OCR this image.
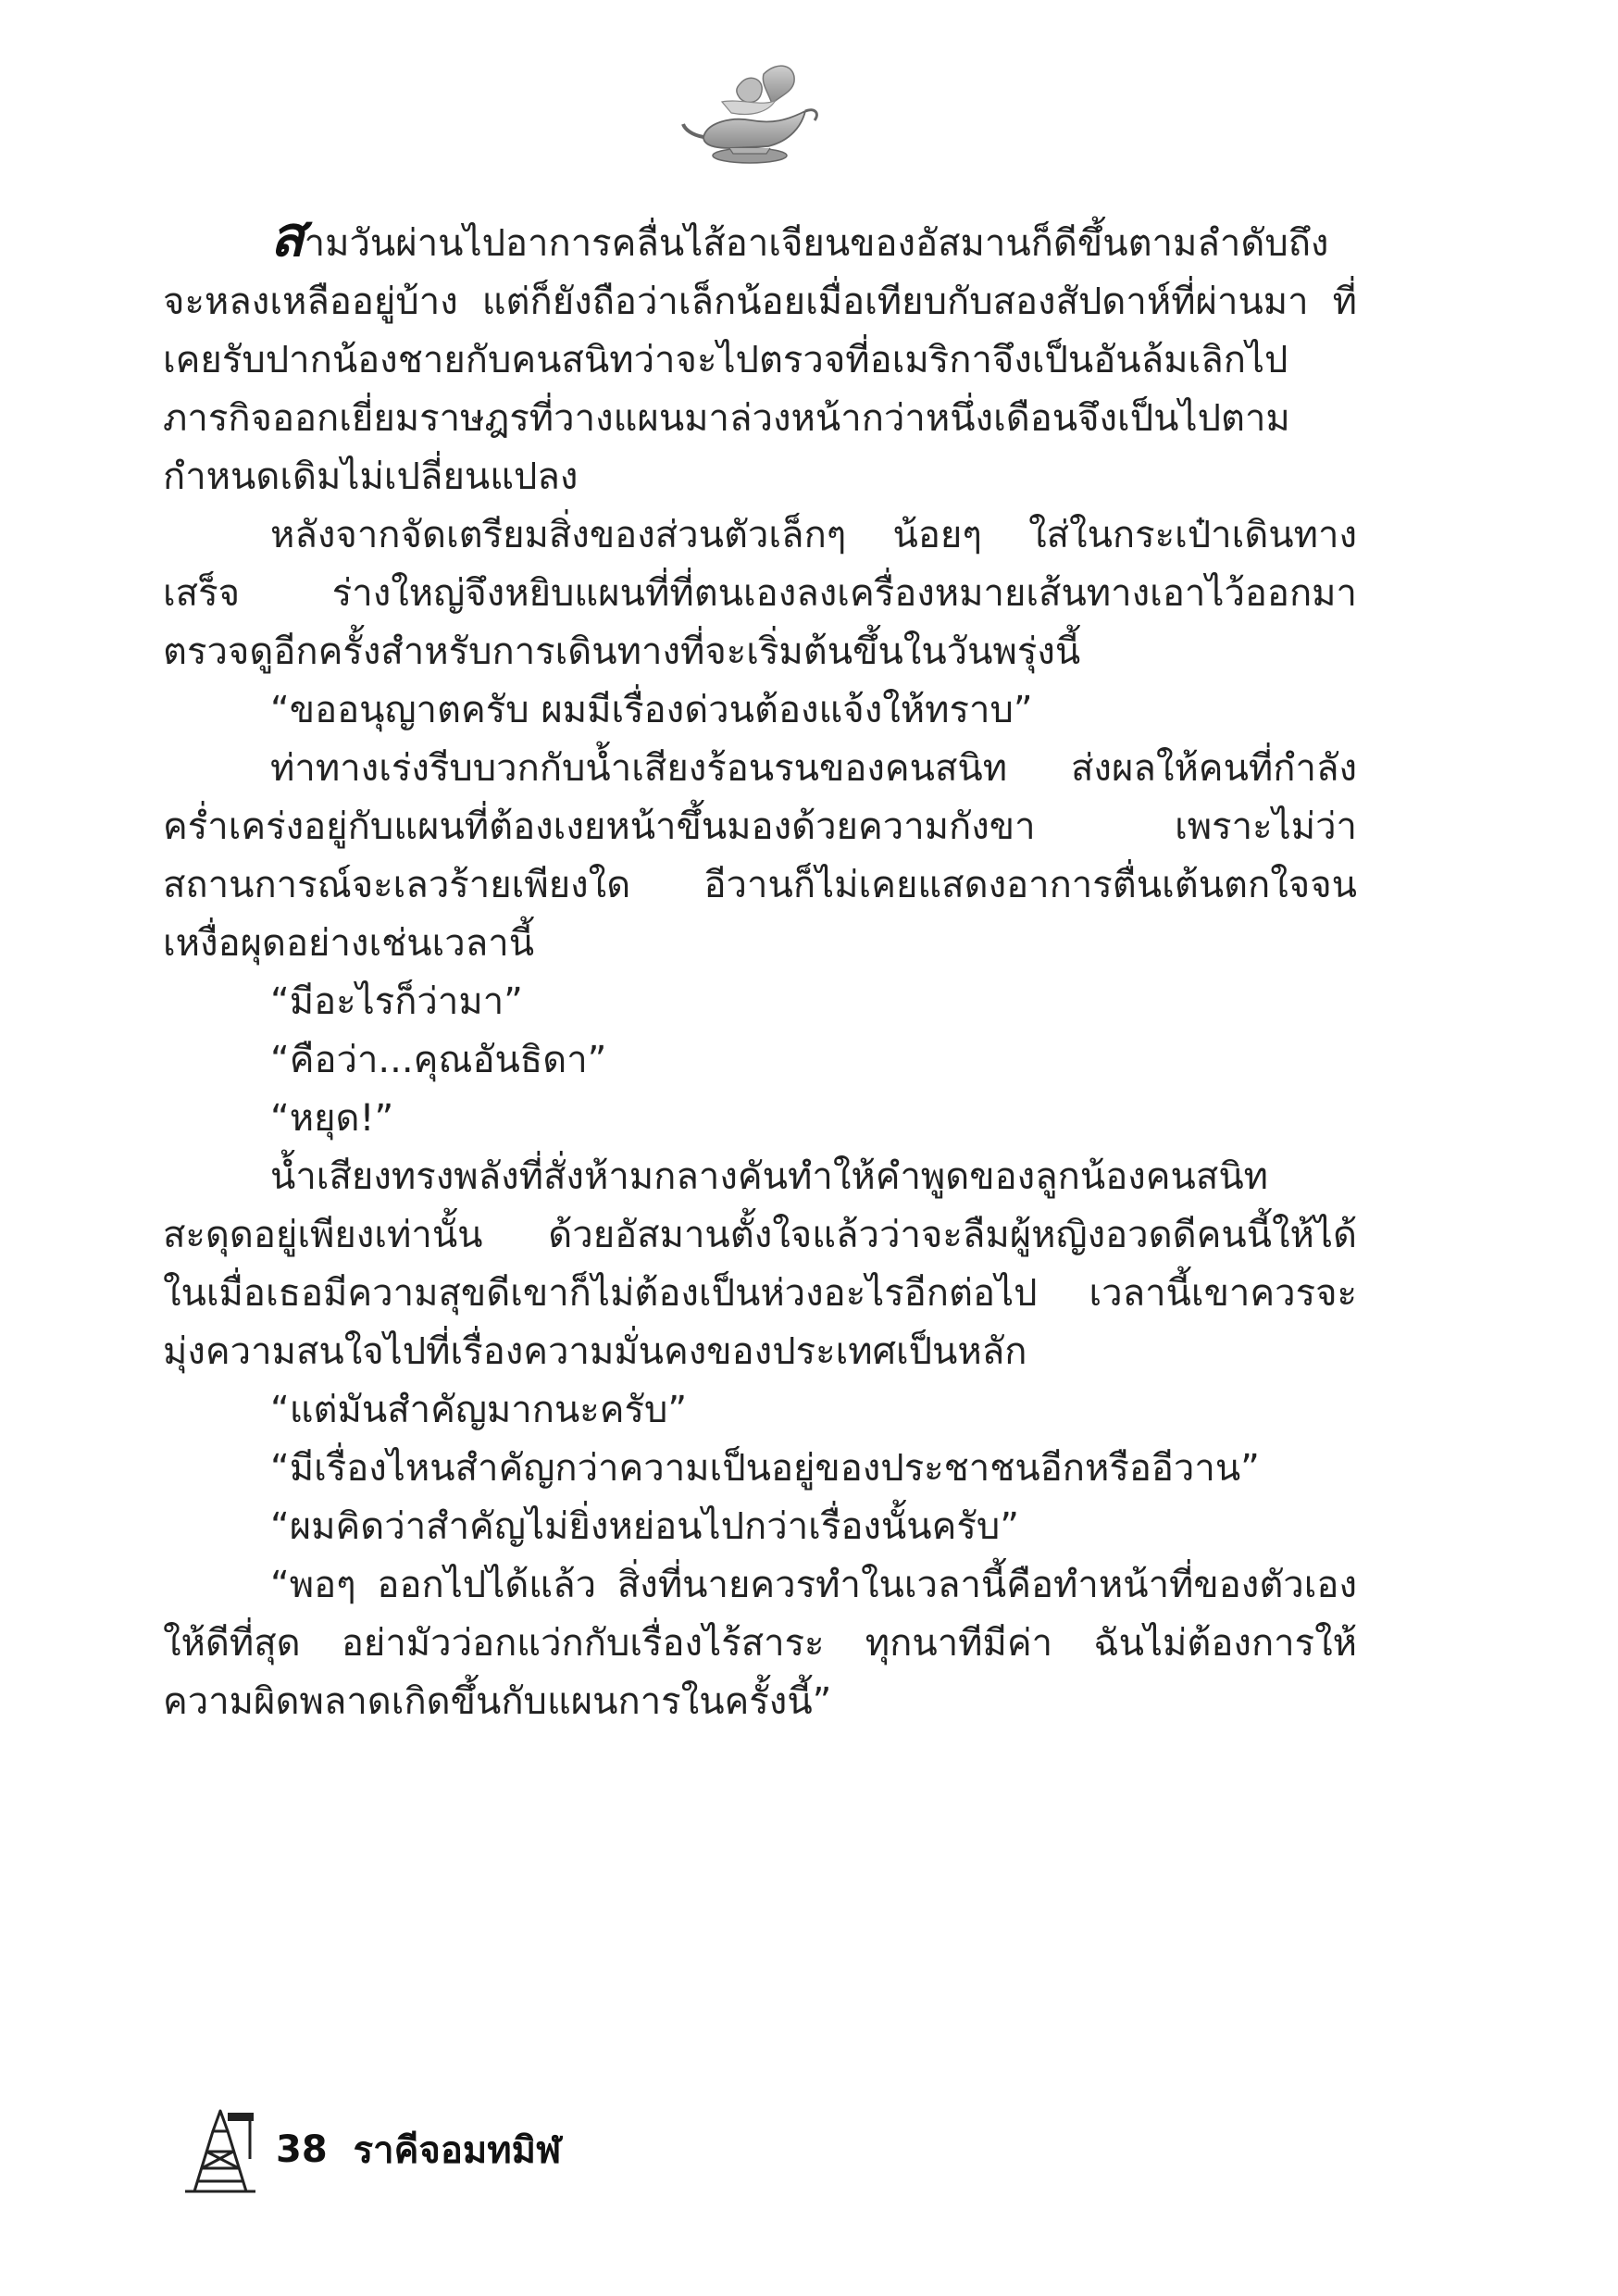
สามวันผ่านไปอาการคลื่นไส้อาเจียนของอัสมานก็ดีขึ้นตามลำดับถึงจะหลงเหลืออยู่บ้าง แต่ก็ยังถือว่าเล็กน้อยเมื่อเทียบกับสองสัปดาห์ที่ผ่านมา ที่เคยรับปากน้องชายกับคนสนิทว่าจะไปตรวจที่อเมริกาจึงเป็นอันล้มเลิกไป ภารกิจออกเยี่ยมราษฎรที่วางแผนมาล่วงหน้ากว่าหนึ่งเดือนจึงเป็นไปตามกำหนดเดิมไม่เปลี่ยนแปลง

หลังจากจัดเตรียมสิ่งของส่วนตัวเล็กๆ น้อยๆ ใส่ในกระเป๋าเดินทางเสร็จ ร่างใหญ่จึงหยิบแผนที่ที่ตนเองลงเครื่องหมายเส้นทางเอาไว้ออกมาตรวจดูอีกครั้งสำหรับการเดินทางที่จะเริ่มต้นขึ้นในวันพรุ่งนี้

“ขออนุญาตครับ ผมมีเรื่องด่วนต้องแจ้งให้ทราบ”

ท่าทางเร่งรีบบวกกับน้ำเสียงร้อนรนของคนสนิท ส่งผลให้คนที่กำลังคร่ำเคร่งอยู่กับแผนที่ต้องเงยหน้าขึ้นมองด้วยความกังขา เพราะไม่ว่าสถานการณ์จะเลวร้ายเพียงใด อีวานก็ไม่เคยแสดงอาการตื่นเต้นตกใจจนเหงื่อผุดอย่างเช่นเวลานี้

“มีอะไรก็ว่ามา”

“คือว่า...คุณอันธิดา”

“หยุด!”

น้ำเสียงทรงพลังที่สั่งห้ามกลางคันทำให้คำพูดของลูกน้องคนสนิทสะดุดอยู่เพียงเท่านั้น ด้วยอัสมานตั้งใจแล้วว่าจะลืมผู้หญิงอวดดีคนนี้ให้ได้ ในเมื่อเธอมีความสุขดีเขาก็ไม่ต้องเป็นห่วงอะไรอีกต่อไป เวลานี้เขาควรจะมุ่งความสนใจไปที่เรื่องความมั่นคงของประเทศเป็นหลัก

“แต่มันสำคัญมากนะครับ”

“มีเรื่องไหนสำคัญกว่าความเป็นอยู่ของประชาชนอีกหรืออีวาน”

“ผมคิดว่าสำคัญไม่ยิ่งหย่อนไปกว่าเรื่องนั้นครับ”

“พอๆ ออกไปได้แล้ว สิ่งที่นายควรทำในเวลานี้คือทำหน้าที่ของตัวเองให้ดีที่สุด อย่ามัวว่อกแว่กกับเรื่องไร้สาระ ทุกนาทีมีค่า ฉันไม่ต้องการให้ความผิดพลาดเกิดขึ้นกับแผนการในครั้งนี้”

38 ราคีจอมทมิฬ
